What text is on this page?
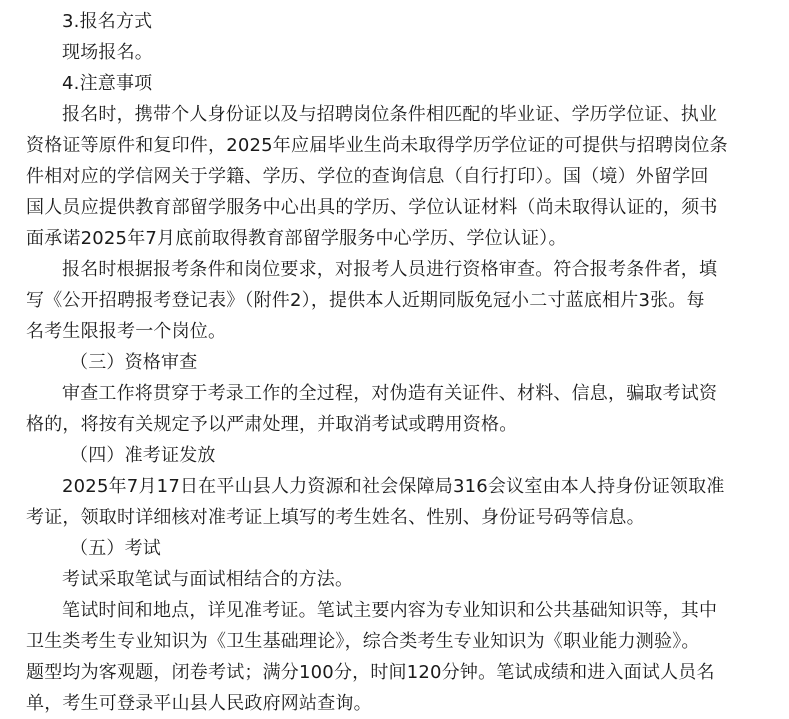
3.报名方式
现场报名。
4.注意事项
报名时，携带个人身份证以及与招聘岗位条件相匹配的毕业证、学历学位证、执业
资格证等原件和复印件，2025年应届毕业生尚未取得学历学位证的可提供与招聘岗位条
件相对应的学信网关于学籍、学历、学位的查询信息（自行打印）。国（境）外留学回
国人员应提供教育部留学服务中心出具的学历、学位认证材料（尚未取得认证的，须书
面承诺2025年7月底前取得教育部留学服务中心学历、学位认证）。
报名时根据报考条件和岗位要求，对报考人员进行资格审查。符合报考条件者，填
写《公开招聘报考登记表》（附件2），提供本人近期同版免冠小二寸蓝底相片3张。每
名考生限报考一个岗位。
（三）资格审查
审查工作将贯穿于考录工作的全过程，对伪造有关证件、材料、信息，骗取考试资
格的，将按有关规定予以严肃处理，并取消考试或聘用资格。
（四）准考证发放
2025年7月17日在平山县人力资源和社会保障局316会议室由本人持身份证领取准
考证，领取时详细核对准考证上填写的考生姓名、性别、身份证号码等信息。
（五）考试
考试采取笔试与面试相结合的方法。
笔试时间和地点，详见准考证。笔试主要内容为专业知识和公共基础知识等，其中
卫生类考生专业知识为《卫生基础理论》，综合类考生专业知识为《职业能力测验》。
题型均为客观题，闭卷考试；满分100分，时间120分钟。笔试成绩和进入面试人员名
单，考生可登录平山县人民政府网站查询。
